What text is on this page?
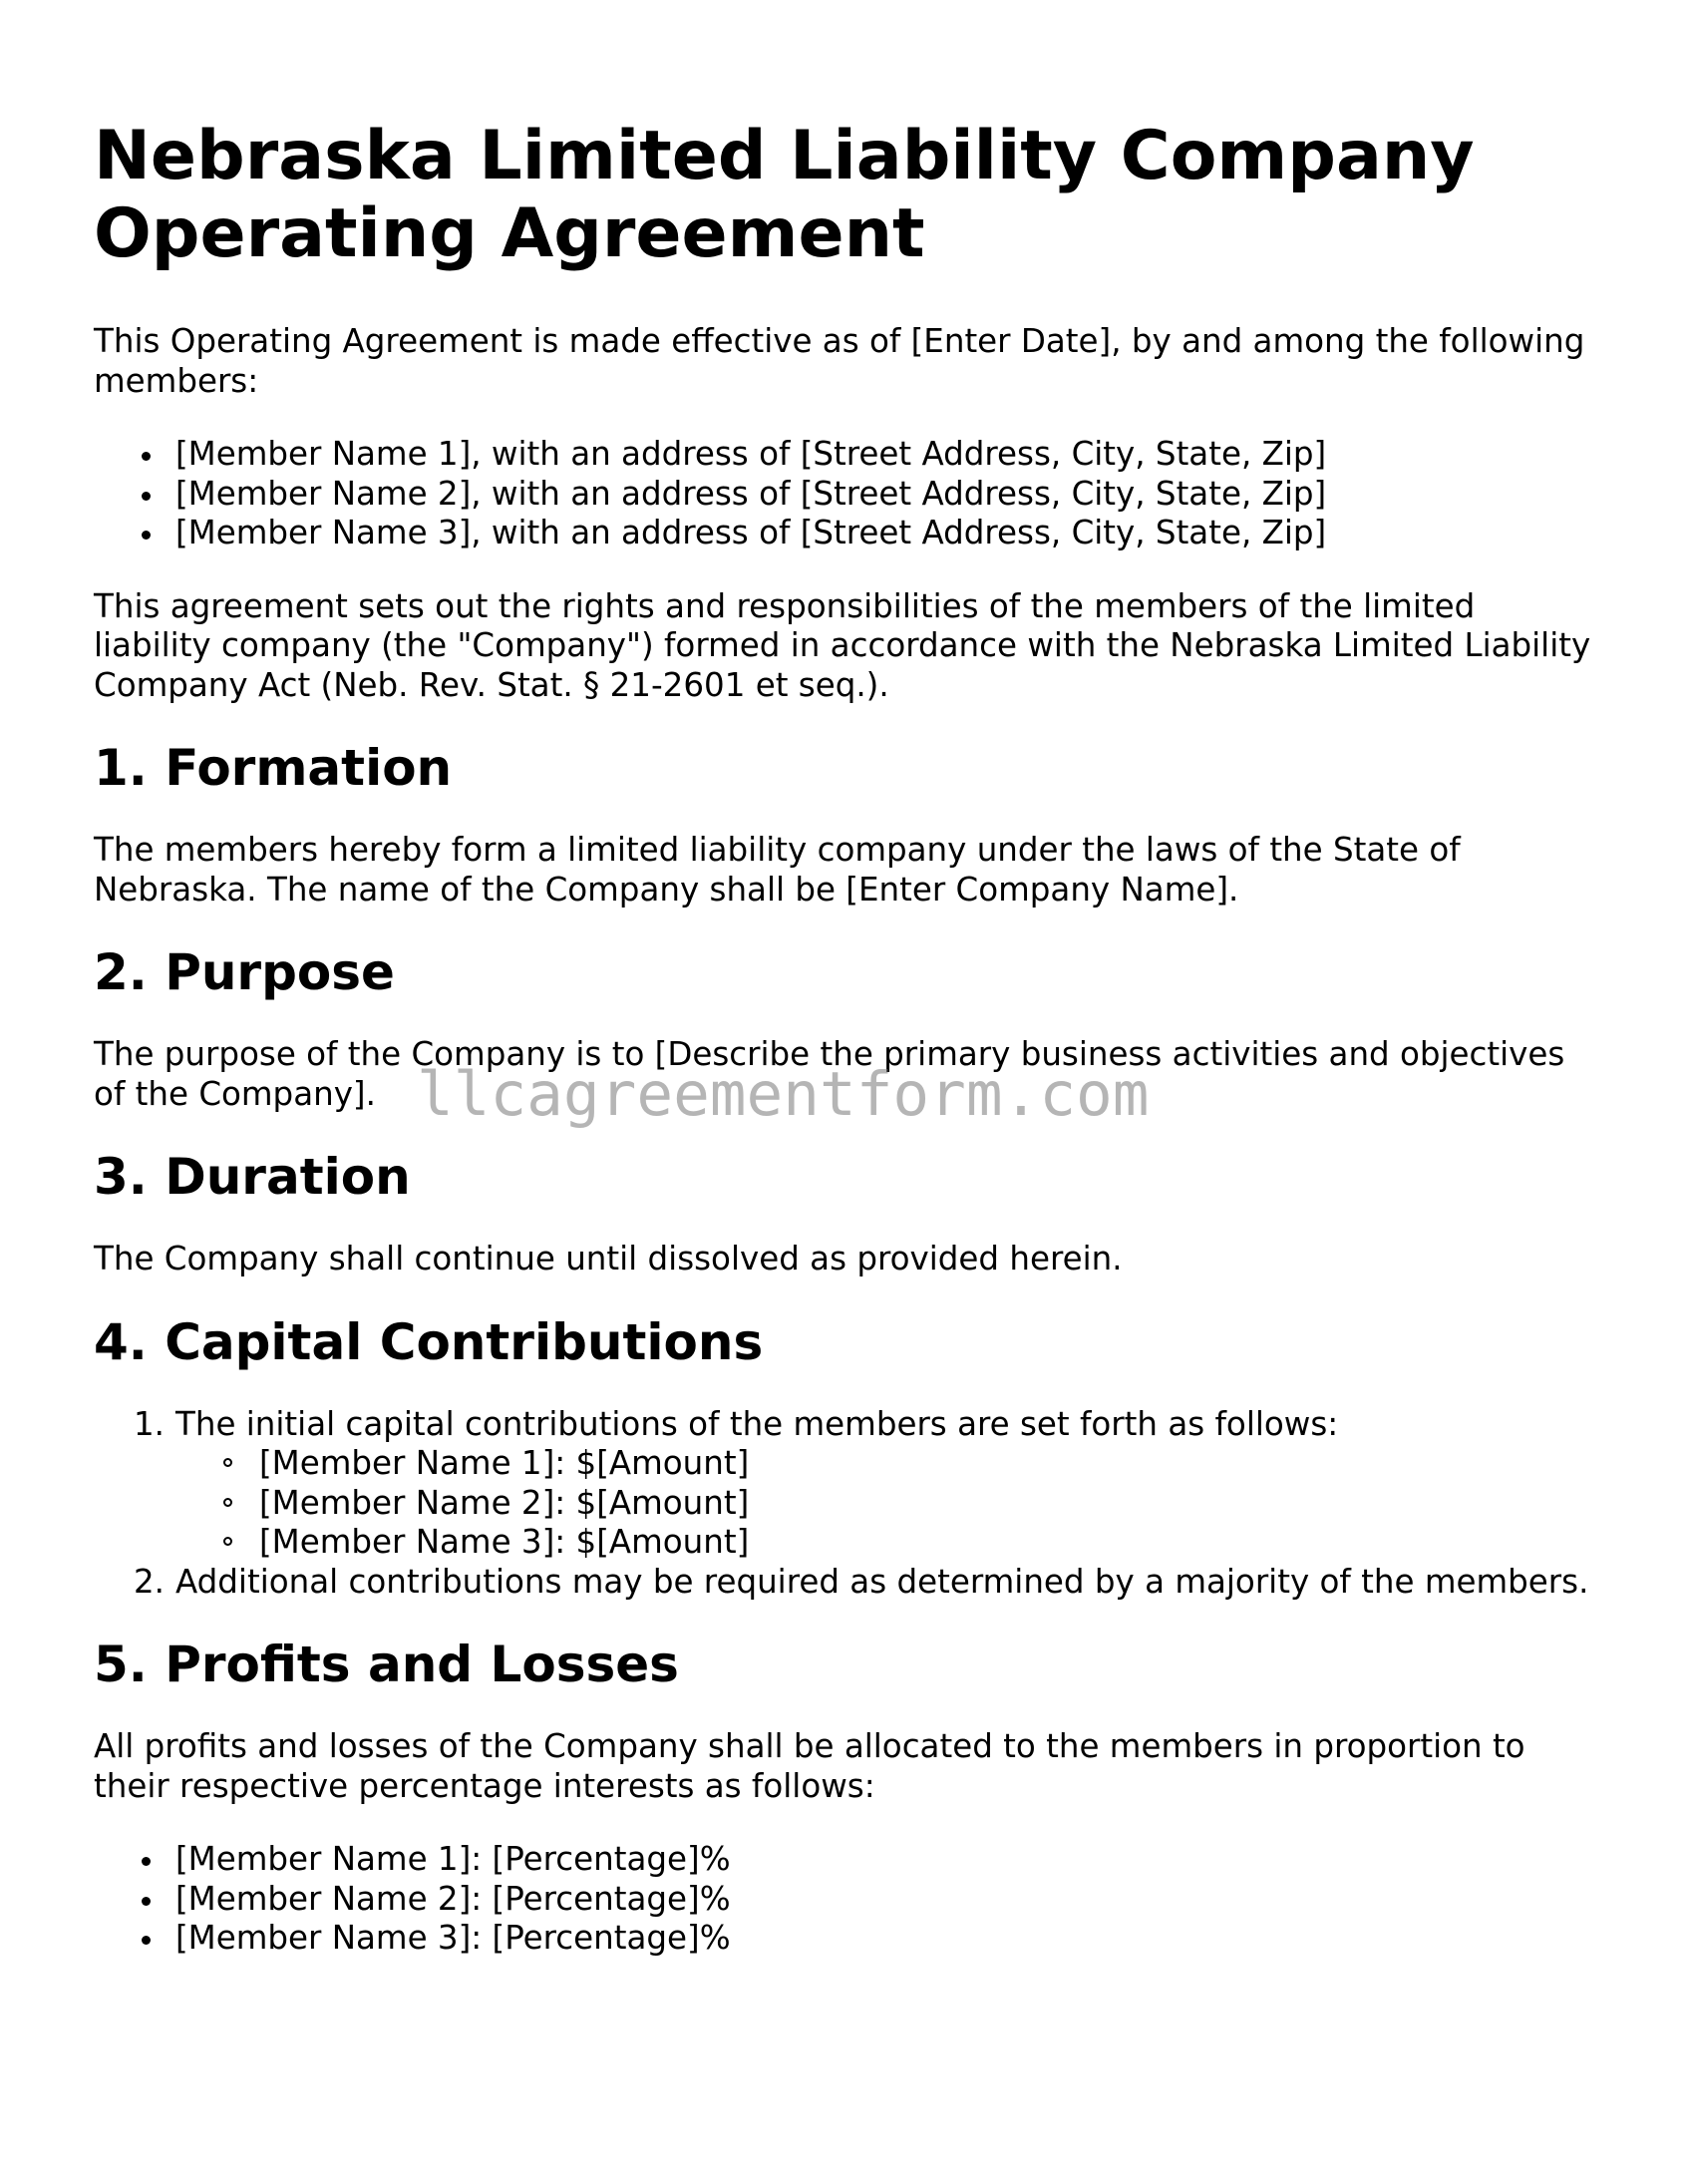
Nebraska Limited Liability Company Operating Agreement

This Operating Agreement is made effective as of [Enter Date], by and among the following members:

[Member Name 1], with an address of [Street Address, City, State, Zip]
[Member Name 2], with an address of [Street Address, City, State, Zip]
[Member Name 3], with an address of [Street Address, City, State, Zip]

This agreement sets out the rights and responsibilities of the members of the limited liability company (the "Company") formed in accordance with the Nebraska Limited Liability Company Act (Neb. Rev. Stat. § 21-2601 et seq.).

1. Formation

The members hereby form a limited liability company under the laws of the State of Nebraska. The name of the Company shall be [Enter Company Name].

2. Purpose

The purpose of the Company is to [Describe the primary business activities and objectives of the Company].

3. Duration

The Company shall continue until dissolved as provided herein.

4. Capital Contributions
1. The initial capital contributions of the members are set forth as follows:
[Member Name 1]: $[Amount]
[Member Name 2]: $[Amount]
[Member Name 3]: $[Amount]
2. Additional contributions may be required as determined by a majority of the members.
5. Profits and Losses

All profits and losses of the Company shall be allocated to the members in proportion to their respective percentage interests as follows:

[Member Name 1]: [Percentage]%
[Member Name 2]: [Percentage]%
[Member Name 3]: [Percentage]%
llcagreementform.com
